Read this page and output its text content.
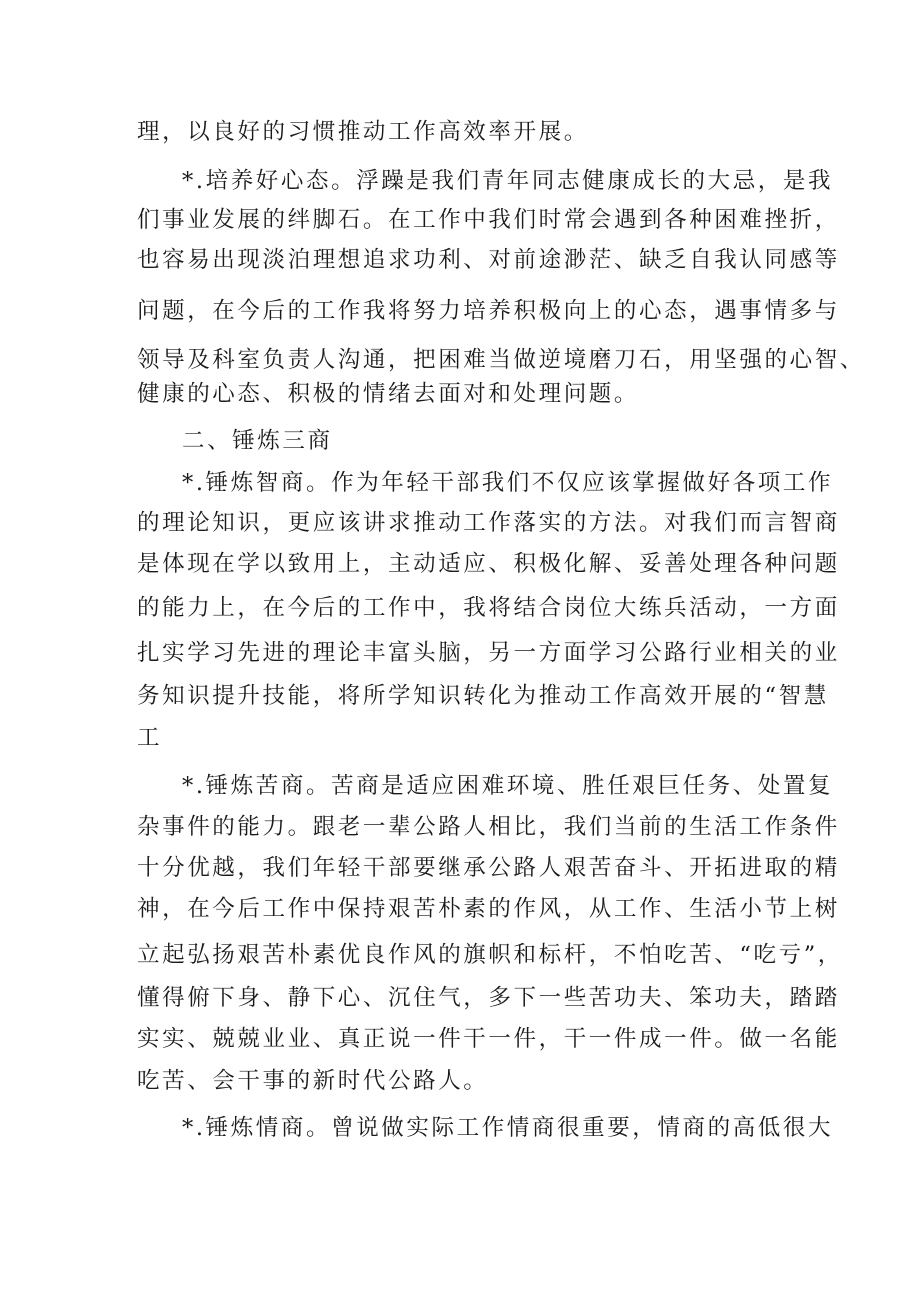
理，以良好的习惯推动工作高效率开展。
*.培养好心态。浮躁是我们青年同志健康成长的大忌，是我
们事业发展的绊脚石。在工作中我们时常会遇到各种困难挫折，
也容易出现淡泊理想追求功利、对前途渺茫、缺乏自我认同感等
问题，在今后的工作我将努力培养积极向上的心态，遇事情多与
领导及科室负责人沟通，把困难当做逆境磨刀石，用坚强的心智、
健康的心态、积极的情绪去面对和处理问题。
二、锤炼三商
*.锤炼智商。作为年轻干部我们不仅应该掌握做好各项工作
的理论知识，更应该讲求推动工作落实的方法。对我们而言智商
是体现在学以致用上，主动适应、积极化解、妥善处理各种问题
的能力上，在今后的工作中，我将结合岗位大练兵活动，一方面
扎实学习先进的理论丰富头脑，另一方面学习公路行业相关的业
务知识提升技能，将所学知识转化为推动工作高效开展的“智慧
工
*.锤炼苦商。苦商是适应困难环境、胜任艰巨任务、处置复
杂事件的能力。跟老一辈公路人相比，我们当前的生活工作条件
十分优越，我们年轻干部要继承公路人艰苦奋斗、开拓进取的精
神，在今后工作中保持艰苦朴素的作风，从工作、生活小节上树
立起弘扬艰苦朴素优良作风的旗帜和标杆，不怕吃苦、“吃亏”，
懂得俯下身、静下心、沉住气，多下一些苦功夫、笨功夫，踏踏
实实、兢兢业业、真正说一件干一件，干一件成一件。做一名能
吃苦、会干事的新时代公路人。
*.锤炼情商。曾说做实际工作情商很重要，情商的高低很大
